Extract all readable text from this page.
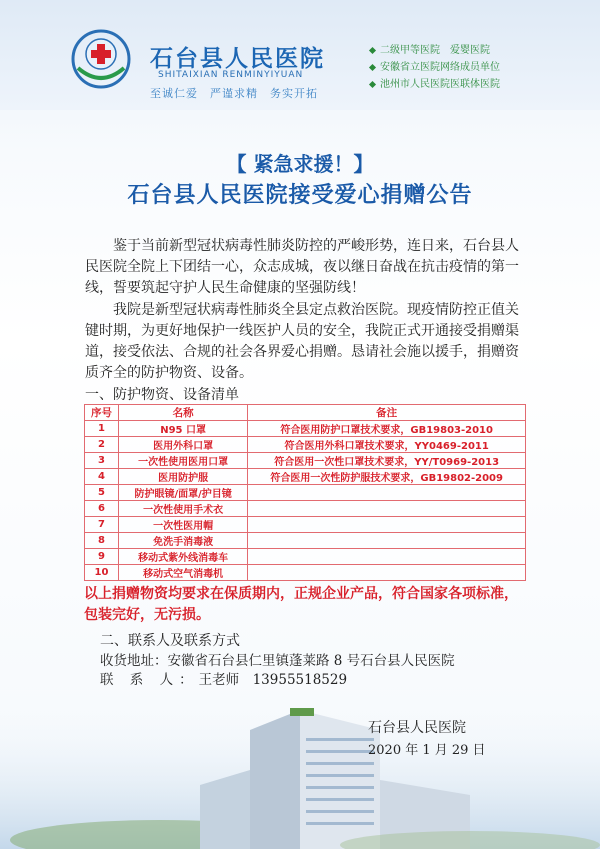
石台县人民医院
SHITAIXIAN RENMINYIYUAN
至诚仁爱　严谨求精　务实开拓
二级甲等医院　爱婴医院
安徽省立医院网络成员单位
池州市人民医院医联体医院
【 紧急求援！】
石台县人民医院接受爱心捐赠公告

鉴于当前新型冠状病毒性肺炎防控的严峻形势，连日来，石台县人民医院全院上下团结一心，众志成城，夜以继日奋战在抗击疫情的第一线，誓要筑起守护人民生命健康的坚强防线！

我院是新型冠状病毒性肺炎全县定点救治医院。现疫情防控正值关键时期，为更好地保护一线医护人员的安全，我院正式开通接受捐赠渠道，接受依法、合规的社会各界爱心捐赠。恳请社会施以援手，捐赠资质齐全的防护物资、设备。

一、防护物资、设备清单
序号	名称	备注
1	N95 口罩	符合医用防护口罩技术要求，GB19803-2010
2	医用外科口罩	符合医用外科口罩技术要求，YY0469-2011
3	一次性使用医用口罩	符合医用一次性口罩技术要求，YY/T0969-2013
4	医用防护服	符合医用一次性防护服技术要求，GB19802-2009
5	防护眼镜/面罩/护目镜	
6	一次性使用手术衣	
7	一次性医用帽	
8	免洗手消毒液	
9	移动式紫外线消毒车	
10	移动式空气消毒机	
以上捐赠物资均要求在保质期内，正规企业产品，符合国家各项标准，包装完好，无污损。
二、联系人及联系方式
收货地址：安徽省石台县仁里镇蓬莱路 8 号石台县人民医院
联 系 人：王老师　13955518529
石台县人民医院
2020 年 1 月 29 日
